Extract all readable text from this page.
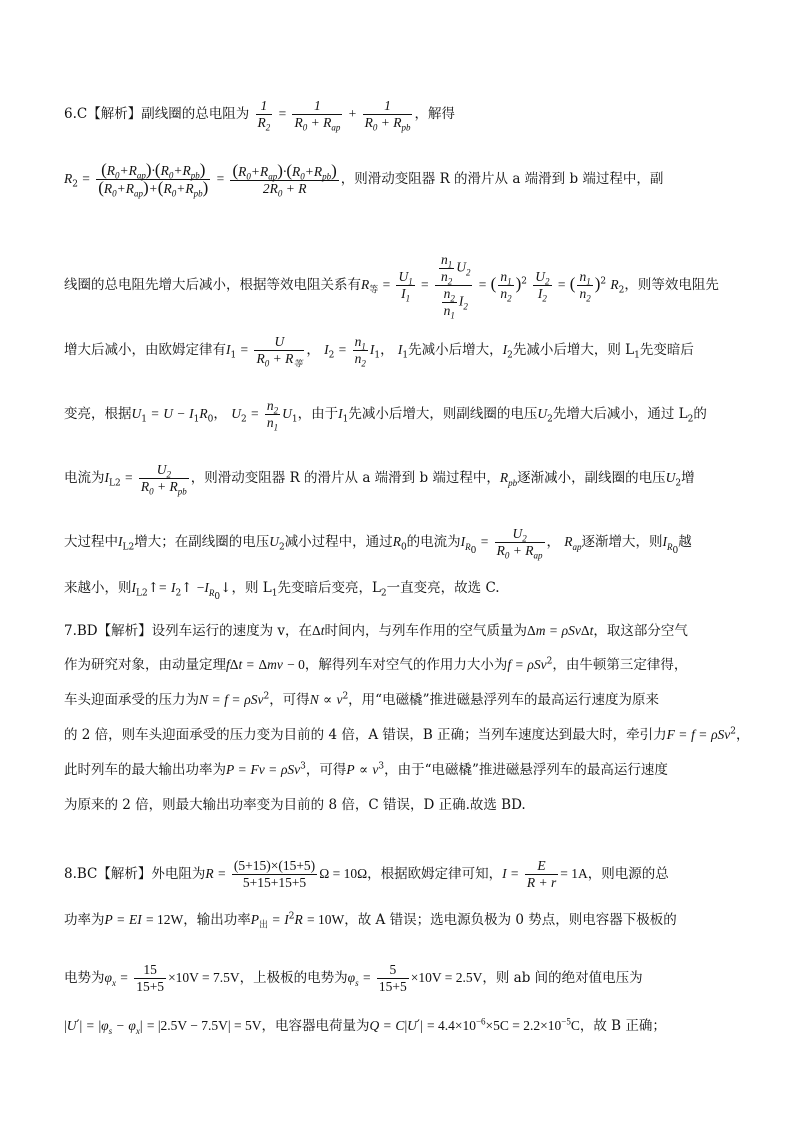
6.C【解析】副线圈的总电阻为 $\frac{1}{R_2} = \frac{1}{R_0 + R_{ap}} + \frac{1}{R_0 + R_{pb}}$ ，解得
$R_2 = \frac{(R_0+R_{ap})\cdot(R_0+R_{pb})}{(R_0+R_{ap})+(R_0+R_{pb})} = \frac{(R_0+R_{ap})\cdot(R_0+R_{pb})}{2R_0 + R}$ ，则滑动变阻器 R 的滑片从 a 端滑到 b 端过程中，副
线圈的总电阻先增大后减小，根据等效电阻关系有$R_等 = \frac{U_1}{I_1} = \frac{\frac{n_1}{n_2} U_2}{\frac{n_2}{n_1} I_2}$ = ( $\frac{n_1}{n_2} )^2 \frac{U_2}{I_2}$ = ( $\frac{n_1}{n_2} )^2$ $R_2$，则等效电阻先
增大后减小，由欧姆定律有$I_1 = \frac{U}{R_0 + R_等}$ ， $I_2 = \frac{n_1}{n_2} I_1$， $I_1$先减小后增大，$I_2$先减小后增大，则 $L_1$先变暗后
变亮，根据$U_1 = U - I_1R_0$， $U_2 = \frac{n_2}{n_1} U_1$，由于$I_1$先减小后增大，则副线圈的电压$U_2$先增大后减小，通过 $L_2$的
电流为$I_{L2} = \frac{U_2}{R_0 + R_{pb}}$ ，则滑动变阻器 R 的滑片从 a 端滑到 b 端过程中，$R_{pb}$逐渐减小，副线圈的电压$U_2$增
大过程中$I_{L2}$增大；在副线圈的电压$U_2$减小过程中，通过$R_0$的电流为$I_{R_0} = \frac{U_2}{R_0 + R_{ap}}$ ， $R_{ap}$逐渐增大，则$I_{R_0}$越
来越小，则$I_{L2}↑=$ $I_2↑$ $-I_{R_0}↓$，则 $L_1$先变暗后变亮，$L_2$一直变亮，故选 C.
7.BD【解析】设列车运行的速度为 v，在Δt时间内，与列车作用的空气质量为Δm = ρSvΔt，取这部分空气
作为研究对象，由动量定理fΔt = Δmv − 0，解得列车对空气的作用力大小为f = ρSv$^2$，由牛顿第三定律得，
车头迎面承受的压力为N = f = ρSv$^2$，可得$N \propto v^2$，用“电磁橇”推进磁悬浮列车的最高运行速度为原来
的 2 倍，则车头迎面承受的压力变为目前的 4 倍，A 错误，B 正确；当列车速度达到最大时，牵引力F = f = ρSv$^2$，
此时列车的最大输出功率为P = Fv = ρSv$^3$，可得$P \propto v^3$，由于“电磁橇”推进磁悬浮列车的最高运行速度
为原来的 2 倍，则最大输出功率变为目前的 8 倍，C 错误，D 正确.故选 BD.
8.BC【解析】外电阻为$R = \frac{(5+15)\times(15+5)}{5+15+15+5}$ Ω = 10Ω，根据欧姆定律可知，$I = \frac{E}{R + r} = 1A$，则电源的总
功率为P = EI = 12W，输出功率$P_出 = I^2R = 10W$，故 A 错误；选电源负极为 0 势点，则电容器下极板的
电势为$\varphi_x = \frac{15}{15+5} \times 10V = 7.5V$，上极板的电势为$\varphi_s = \frac{5}{15+5} \times 10V = 2.5V$，则 ab 间的绝对值电压为
$|U'| = |\varphi_s - \varphi_x| = |2.5V - 7.5V| = 5V$，电容器电荷量为$Q = C|U'| = 4.4\times 10^{-6}\times 5C = 2.2\times 10^{-5}C$，故 B 正确；
